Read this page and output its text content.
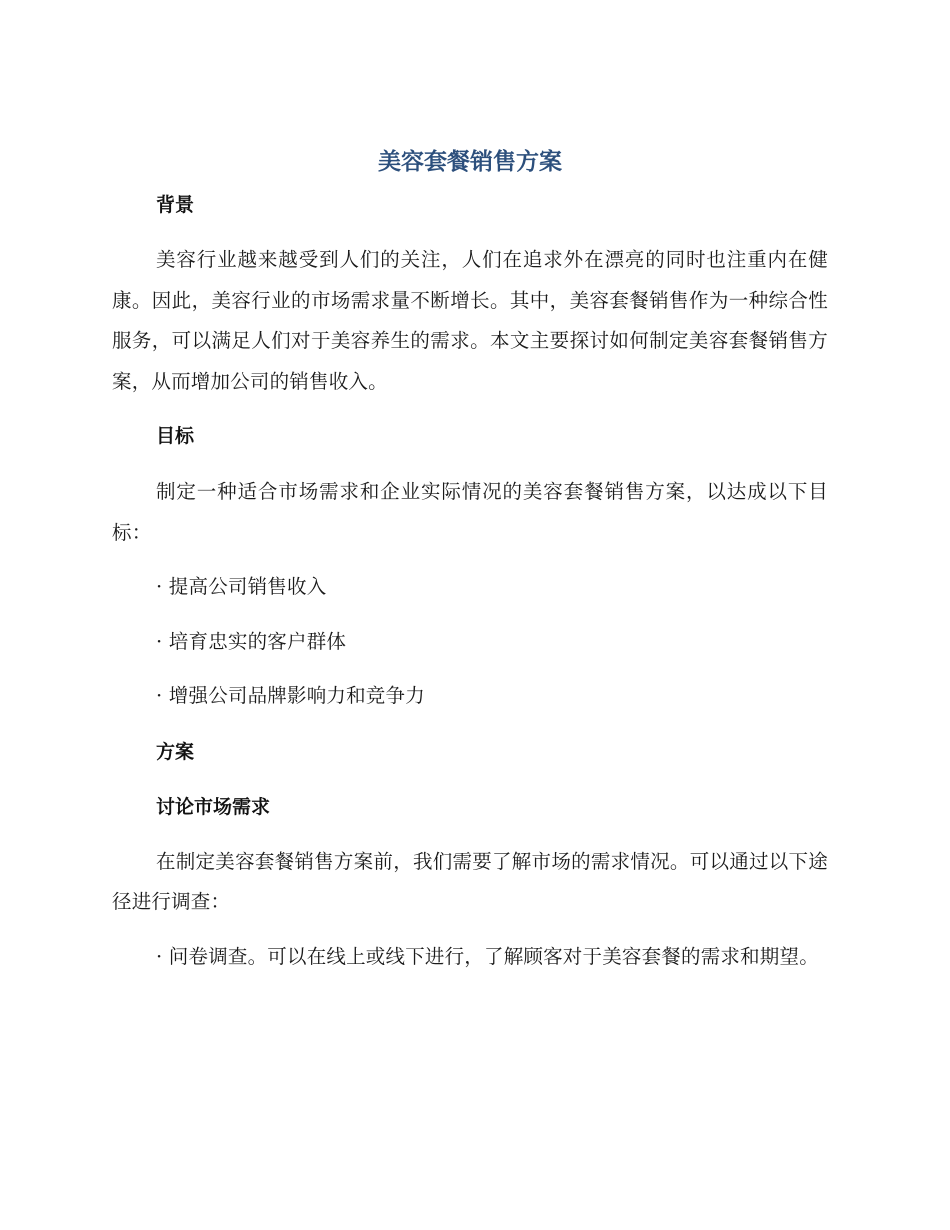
美容套餐销售方案
背景

美容行业越来越受到人们的关注，人们在追求外在漂亮的同时也注重内在健康。因此，美容行业的市场需求量不断增长。其中，美容套餐销售作为一种综合性服务，可以满足人们对于美容养生的需求。本文主要探讨如何制定美容套餐销售方案，从而增加公司的销售收入。

目标

制定一种适合市场需求和企业实际情况的美容套餐销售方案，以达成以下目标：

· 提高公司销售收入

· 培育忠实的客户群体

· 增强公司品牌影响力和竞争力

方案
讨论市场需求

在制定美容套餐销售方案前，我们需要了解市场的需求情况。可以通过以下途径进行调查：

· 问卷调查。可以在线上或线下进行，了解顾客对于美容套餐的需求和期望。
